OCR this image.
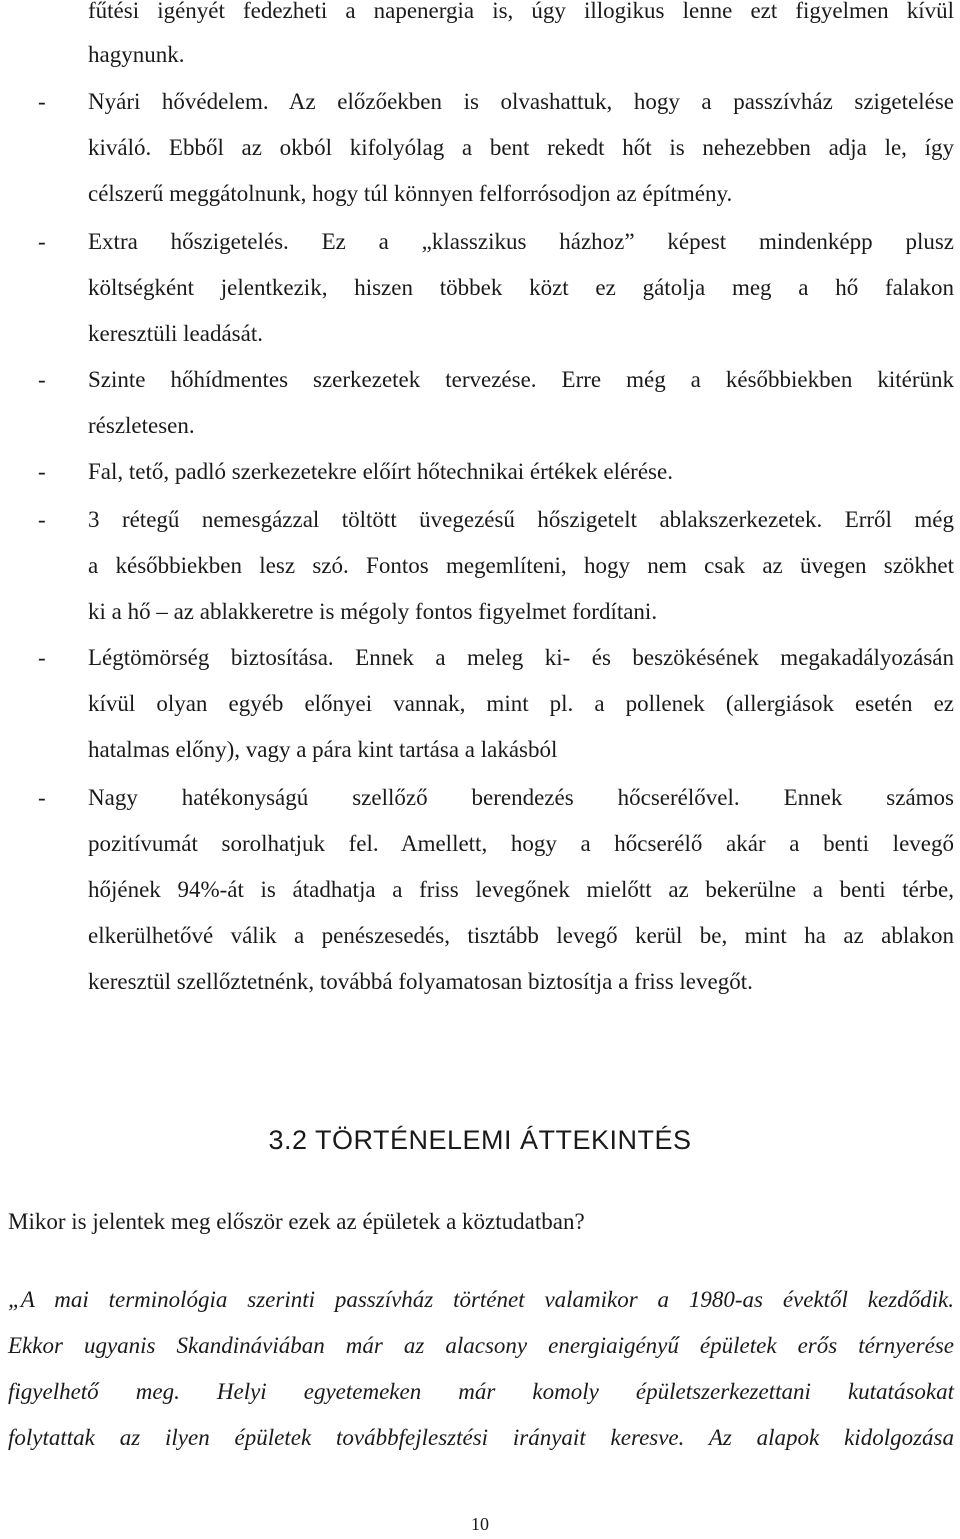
fűtési igényét fedezheti a napenergia is, úgy illogikus lenne ezt figyelmen kívül
hagynunk.
-	Nyári hővédelem. Az előzőekben is olvashattuk, hogy a passzívház szigetelése
kiváló. Ebből az okból kifolyólag a bent rekedt hőt is nehezebben adja le, így
célszerű meggátolnunk, hogy túl könnyen felforrósodjon az építmény.
-	Extra hőszigetelés. Ez a „klasszikus házhoz” képest mindenképp plusz
költségként jelentkezik, hiszen többek közt ez gátolja meg a hő falakon
keresztüli leadását.
-	Szinte hőhídmentes szerkezetek tervezése. Erre még a későbbiekben kitérünk
részletesen.
-	Fal, tető, padló szerkezetekre előírt hőtechnikai értékek elérése.
-	3 rétegű nemesgázzal töltött üvegezésű hőszigetelt ablakszerkezetek. Erről még
a későbbiekben lesz szó. Fontos megemlíteni, hogy nem csak az üvegen szökhet
ki a hő – az ablakkeretre is mégoly fontos figyelmet fordítani.
-	Légtömörség biztosítása. Ennek a meleg ki- és beszökésének megakadályozásán
kívül olyan egyéb előnyei vannak, mint pl. a pollenek (allergiások esetén ez
hatalmas előny), vagy a pára kint tartása a lakásból
-	Nagy hatékonyságú szellőző berendezés hőcserélővel. Ennek számos
pozitívumát sorolhatjuk fel. Amellett, hogy a hőcserélő akár a benti levegő
hőjének 94%-át is átadhatja a friss levegőnek mielőtt az bekerülne a benti térbe,
elkerülhetővé válik a penészesedés, tisztább levegő kerül be, mint ha az ablakon
keresztül szellőztetnénk, továbbá folyamatosan biztosítja a friss levegőt.
3.2 TÖRTÉNELEMI ÁTTEKINTÉS
Mikor is jelentek meg először ezek az épületek a köztudatban?
„A mai terminológia szerinti passzívház történet valamikor a 1980-as évektől kezdődik.
Ekkor ugyanis Skandináviában már az alacsony energiaigényű épületek erős térnyerése
figyelhető meg. Helyi egyetemeken már komoly épületszerkezettani kutatásokat
folytattak az ilyen épületek továbbfejlesztési irányait keresve. Az alapok kidolgozása
10
